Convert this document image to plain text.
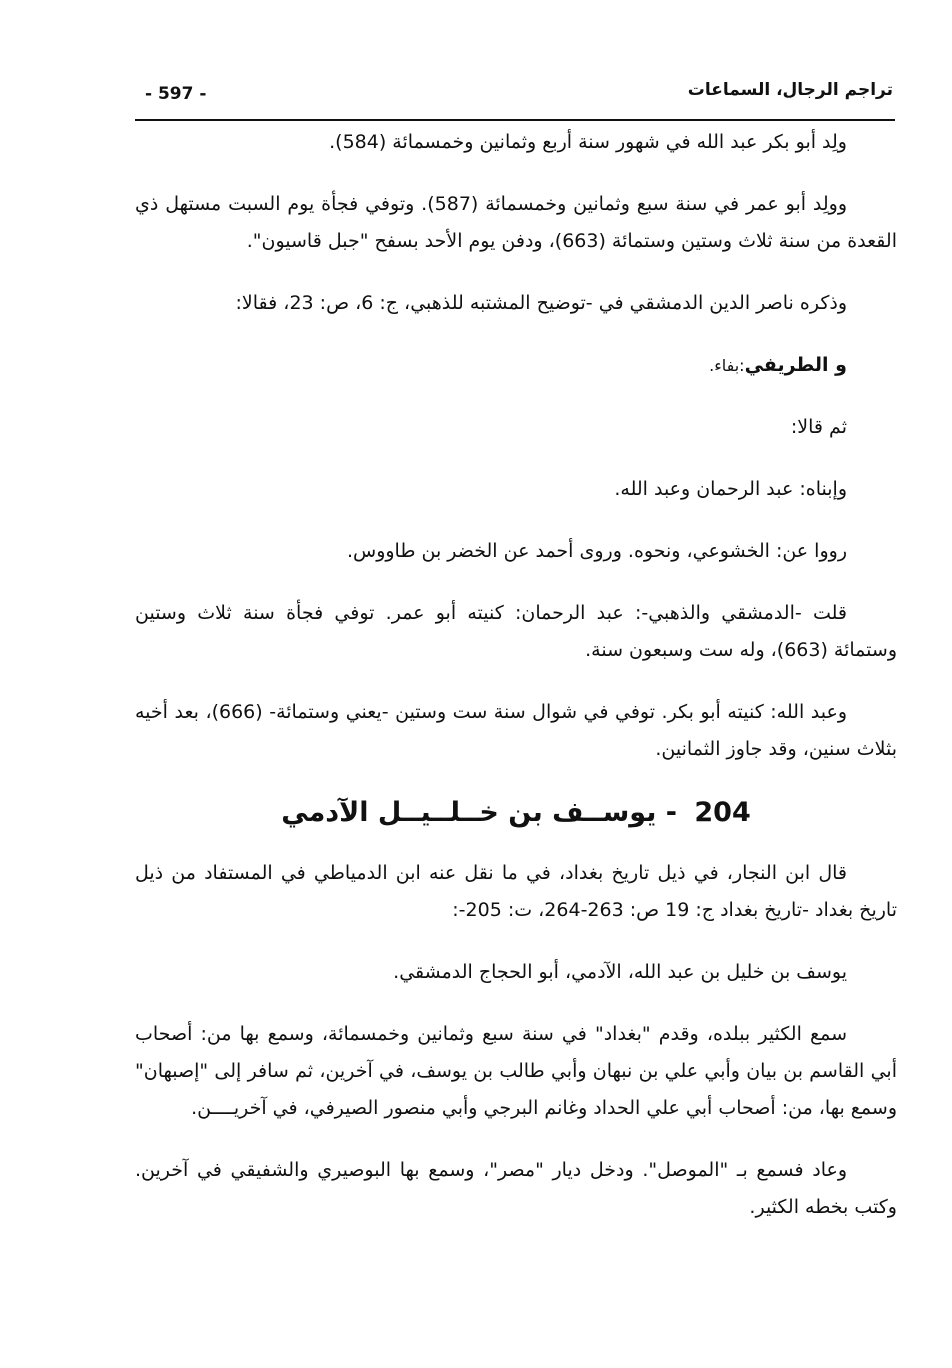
تراجم الرجال، السماعات
- 597 -

ولِد أبو بكر عبد الله في شهور سنة أربع وثمانين وخمسمائة (584).

وولِد أبو عمر في سنة سبع وثمانين وخمسمائة (587). وتوفي فجأة يوم السبت مستهل ذي القعدة من سنة ثلاث وستين وستمائة (663)، ودفن يوم الأحد بسفح "جبل قاسيون".

وذكره ناصر الدين الدمشقي في -توضيح المشتبه للذهبي، ج: 6، ص: 23، فقالا:

و الطريفي:بفاء.

ثم قالا:

وإبناه: عبد الرحمان وعبد الله.

رووا عن: الخشوعي، ونحوه. وروى أحمد عن الخضر بن طاووس.

قلت -الدمشقي والذهبي-: عبد الرحمان: كنيته أبو عمر. توفي فجأة سنة ثلاث وستين وستمائة (663)، وله ست وسبعون سنة.

وعبد الله: كنيته أبو بكر. توفي في شوال سنة ست وستين -يعني وستمائة- (666)، بعد أخيه بثلاث سنين، وقد جاوز الثمانين.

204 - يوســف بن خــلــيــل الآدمي

قال ابن النجار، في ذيل تاريخ بغداد، في ما نقل عنه ابن الدمياطي في المستفاد من ذيل تاريخ بغداد -تاريخ بغداد ج: 19 ص: 263-264، ت: 205-:

يوسف بن خليل بن عبد الله، الآدمي، أبو الحجاج الدمشقي.

سمع الكثير ببلده، وقدم "بغداد" في سنة سبع وثمانين وخمسمائة، وسمع بها من: أصحاب أبي القاسم بن بيان وأبي علي بن نبهان وأبي طالب بن يوسف، في آخرين، ثم سافر إلى "إصبهان" وسمع بها، من: أصحاب أبي علي الحداد وغانم البرجي وأبي منصور الصيرفي، في آخريــــن.

وعاد فسمع بـ "الموصل". ودخل ديار "مصر"، وسمع بها البوصيري والشفيقي في آخرين. وكتب بخطه الكثير.
